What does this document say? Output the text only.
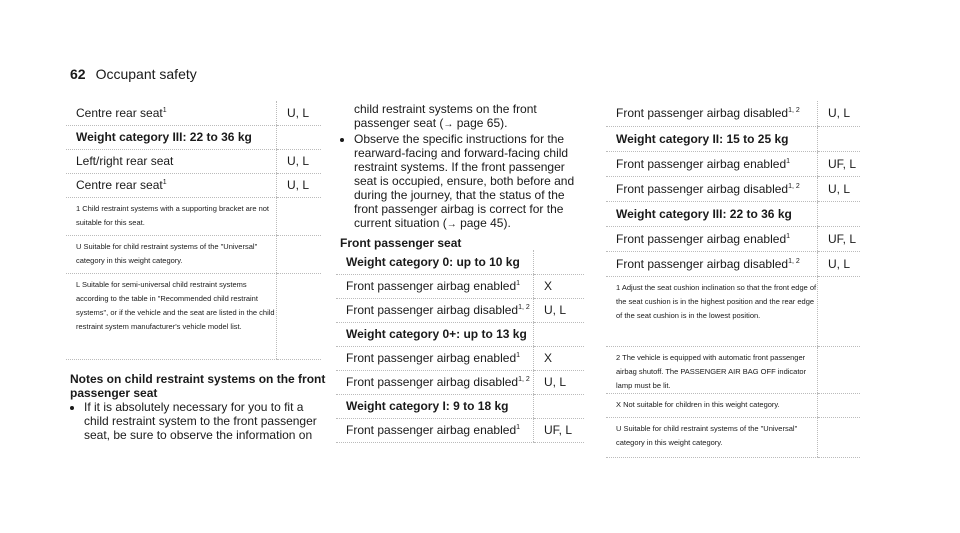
62 Occupant safety
Centre rear seat$^1$	U, L
Weight category III: 22 to 36 kg	
Left/right rear seat	U, L
Centre rear seat$^1$	U, L
1 Child restraint systems with a supporting bracket are not suitable for this seat.	
U Suitable for child restraint systems of the "Universal" category in this weight category.	
L Suitable for semi-universal child restraint systems according to the table in "Recommended child restraint systems", or if the vehicle and the seat are listed in the child restraint system manufacturer's vehicle model list.	
Notes on child restraint systems on the front passenger seat
• If it is absolutely necessary for you to fit a child restraint system to the front passenger seat, be sure to observe the information on
child restraint systems on the front passenger seat (→ page 65).
• Observe the specific instructions for the rearward-facing and forward-facing child restraint systems. If the front passenger seat is occupied, ensure, both before and during the journey, that the status of the front passenger airbag is correct for the current situation (→ page 45).
Front passenger seat
Weight category 0: up to 10 kg	
Front passenger airbag enabled$^1$	X
Front passenger airbag disabled$^{1, 2}$	U, L
Weight category 0+: up to 13 kg	
Front passenger airbag enabled$^1$	X
Front passenger airbag disabled$^{1, 2}$	U, L
Weight category I: 9 to 18 kg	
Front passenger airbag enabled$^1$	UF, L
Front passenger airbag disabled$^{1, 2}$	U, L
Weight category II: 15 to 25 kg	
Front passenger airbag enabled$^1$	UF, L
Front passenger airbag disabled$^{1, 2}$	U, L
Weight category III: 22 to 36 kg	
Front passenger airbag enabled$^1$	UF, L
Front passenger airbag disabled$^{1, 2}$	U, L
1 Adjust the seat cushion inclination so that the front edge of the seat cushion is in the highest position and the rear edge of the seat cushion is in the lowest position.	
2 The vehicle is equipped with automatic front passenger airbag shutoff. The PASSENGER AIR BAG OFF indicator lamp must be lit.	
X Not suitable for children in this weight category.	
U Suitable for child restraint systems of the "Universal" category in this weight category.	
